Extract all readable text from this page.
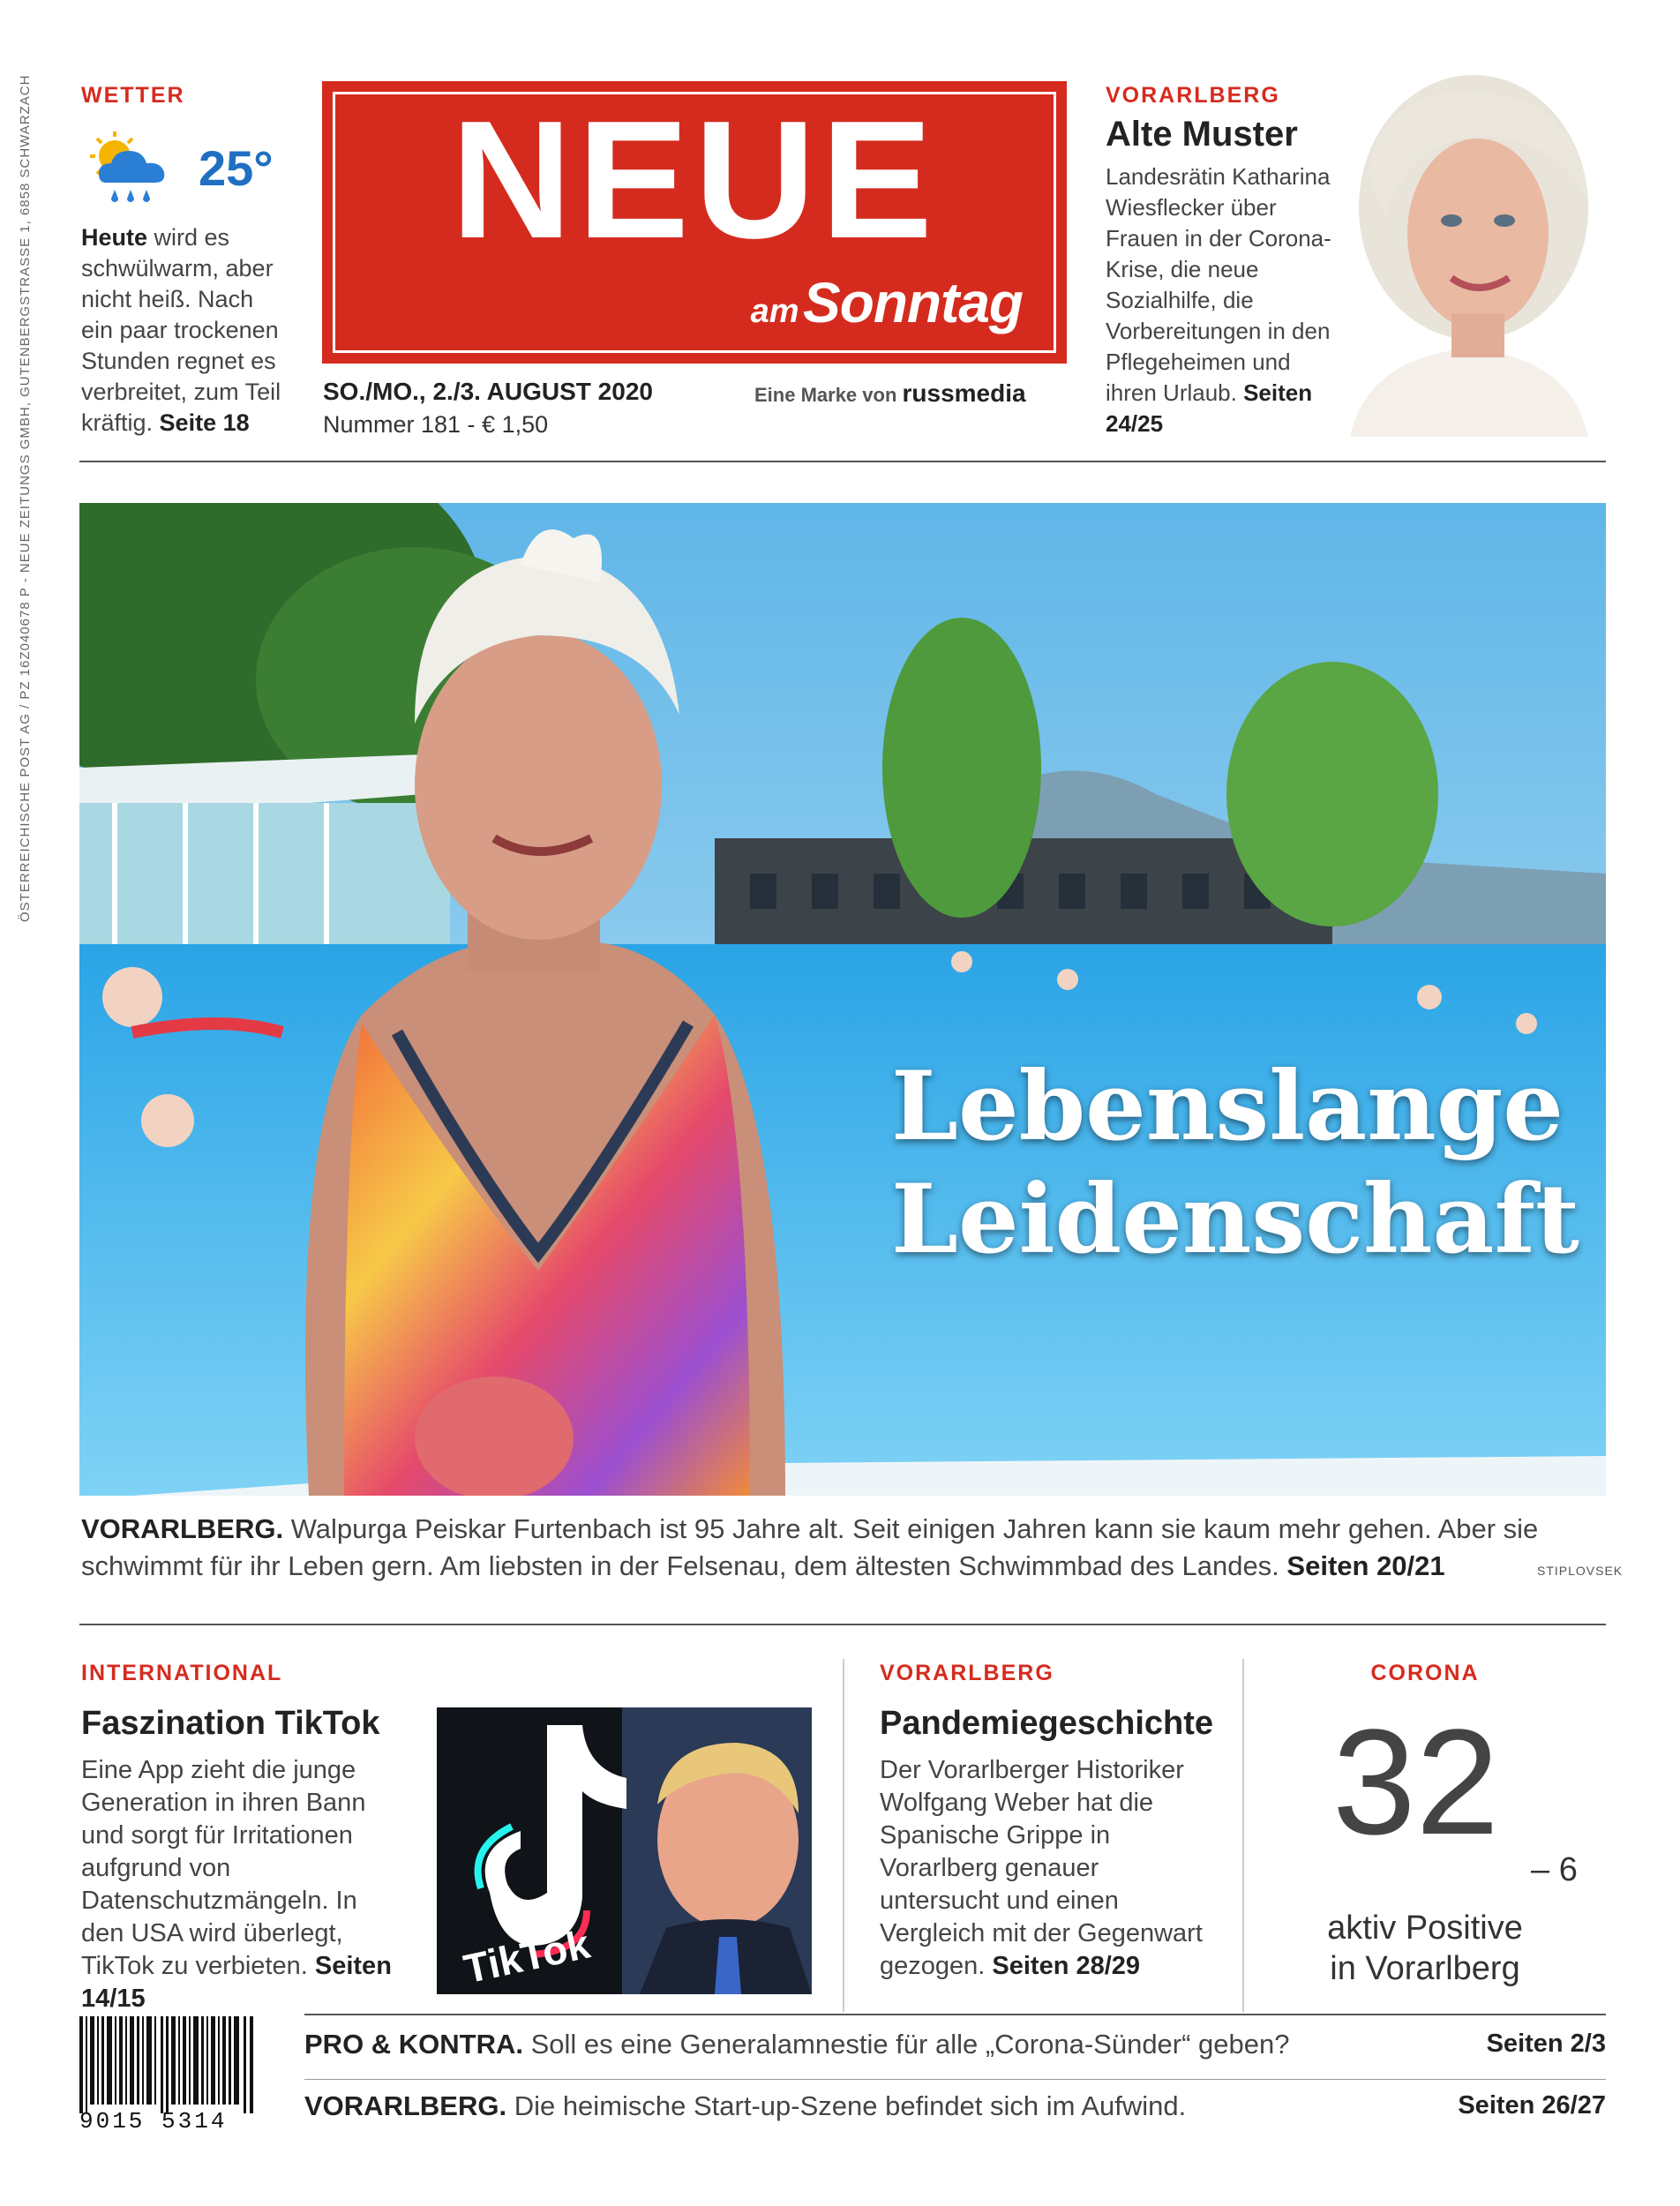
ÖSTERREICHISCHE POST AG / PZ 16Z040678 P - NEUE ZEITUNGS GMBH, GUTENBERGSTRASSE 1, 6858 SCHWARZACH WETTER
25°
Heute wird es schwülwarm, aber nicht heiß. Nach ein paar trockenen Stunden regnet es verbreitet, zum Teil kräftig. Seite 18
NEUE
am Sonntag
SO./MO., 2./3. AUGUST 2020
Nummer 181 - € 1,50
Eine Marke von russmedia
VORARLBERG
Alte Muster
Landesrätin Katharina Wiesflecker über Frauen in der Corona-Krise, die neue Sozialhilfe, die Vorbereitungen in den Pflegeheimen und ihren Urlaub. Seiten 24/25
Lebenslange
Leidenschaft
VORARLBERG. Walpurga Peiskar Furtenbach ist 95 Jahre alt. Seit einigen Jahren kann sie kaum mehr gehen. Aber sie schwimmt für ihr Leben gern. Am liebsten in der Felsenau, dem ältesten Schwimmbad des Landes. Seiten 20/21	STIPLOVSEK
INTERNATIONAL
Faszination TikTok
Eine App zieht die junge Generation in ihren Bann und sorgt für Irritationen aufgrund von Datenschutzmängeln. In den USA wird überlegt, TikTok zu verbieten. Seiten 14/15
TikTok
VORARLBERG
Pandemiegeschichte
Der Vorarlberger Historiker Wolfgang Weber hat die Spanische Grippe in Vorarlberg genauer untersucht und einen Vergleich mit der Gegenwart gezogen. Seiten 28/29
CORONA
32
– 6
aktiv Positive
in Vorarlberg
9015 5314
PRO & KONTRA. Soll es eine Generalamnestie für alle „Corona-Sünder“ geben?	Seiten 2/3
VORARLBERG. Die heimische Start-up-Szene befindet sich im Aufwind.	Seiten 26/27
